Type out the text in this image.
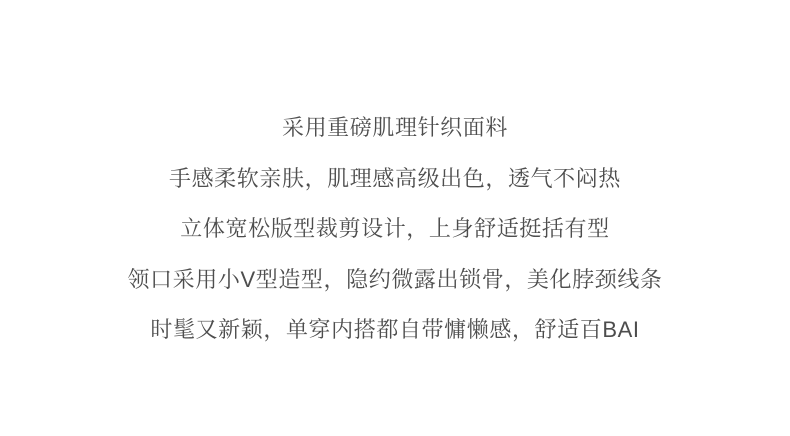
采用重磅肌理针织面料

手感柔软亲肤，肌理感高级出色，透气不闷热

立体宽松版型裁剪设计，上身舒适挺括有型

领口采用小V型造型，隐约微露出锁骨，美化脖颈线条

时髦又新颖，单穿内搭都自带慵懒感，舒适百BAI
